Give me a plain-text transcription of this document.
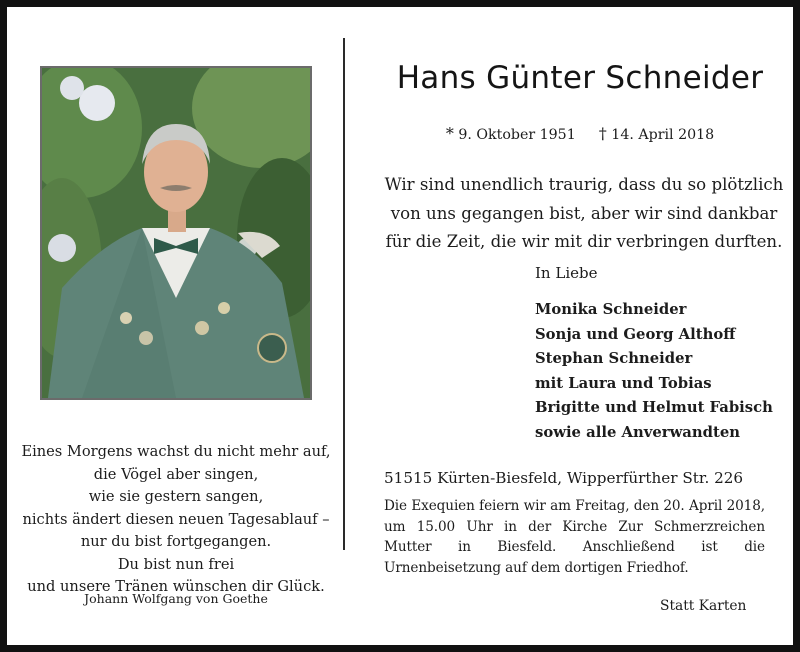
Eines Morgens wachst du nicht mehr auf,
die Vögel aber singen,
wie sie gestern sangen,
nichts ändert diesen neuen Tagesablauf –
nur du bist fortgegangen.
Du bist nun frei
und unsere Tränen wünschen dir Glück.
Johann Wolfgang von Goethe
Hans Günter Schneider
* 9. Oktober 1951 † 14. April 2018
Wir sind unendlich traurig, dass du so plötzlich
von uns gegangen bist, aber wir sind dankbar
für die Zeit, die wir mit dir verbringen durften.
In Liebe
Monika Schneider
Sonja und Georg Althoff
Stephan Schneider
mit Laura und Tobias
Brigitte und Helmut Fabisch
sowie alle Anverwandten
51515 Kürten-Biesfeld, Wipperfürther Str. 226
Die Exequien feiern wir am Freitag, den 20. April 2018, um 15.00 Uhr in der Kirche Zur Schmerzreichen Mutter in Biesfeld. Anschließend ist die Urnenbeisetzung auf dem dortigen Friedhof.
Statt Karten
